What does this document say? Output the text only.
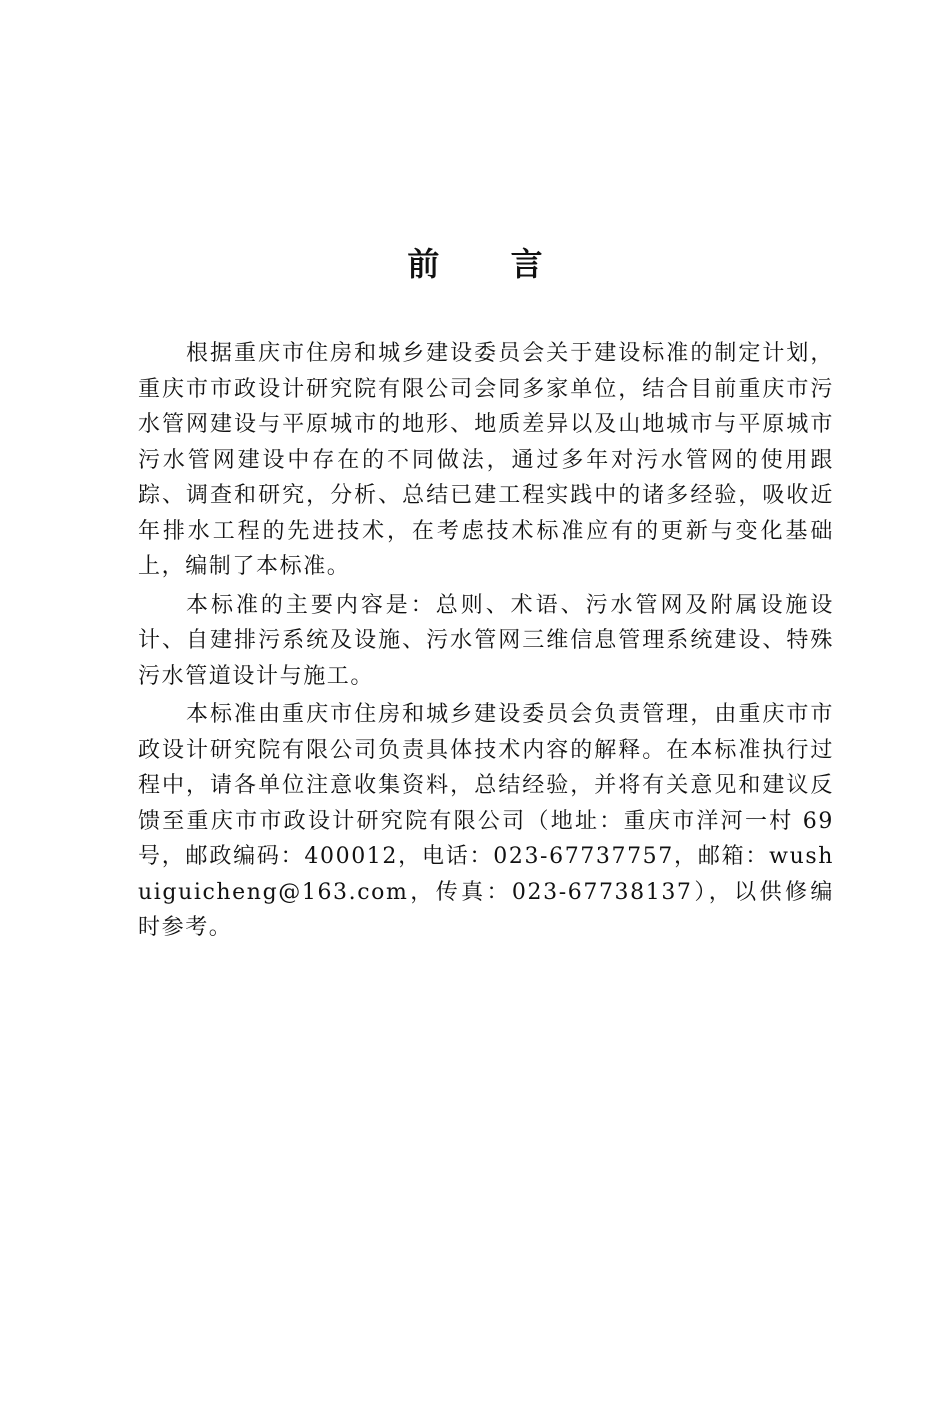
前 言

根据重庆市住房和城乡建设委员会关于建设标准的制定计划，重庆市市政设计研究院有限公司会同多家单位，结合目前重庆市污水管网建设与平原城市的地形、地质差异以及山地城市与平原城市污水管网建设中存在的不同做法，通过多年对污水管网的使用跟踪、调查和研究，分析、总结已建工程实践中的诸多经验，吸收近年排水工程的先进技术，在考虑技术标准应有的更新与变化基础上，编制了本标准。

本标准的主要内容是：总则、术语、污水管网及附属设施设计、自建排污系统及设施、污水管网三维信息管理系统建设、特殊污水管道设计与施工。

本标准由重庆市住房和城乡建设委员会负责管理，由重庆市市政设计研究院有限公司负责具体技术内容的解释。在本标准执行过程中，请各单位注意收集资料，总结经验，并将有关意见和建议反馈至重庆市市政设计研究院有限公司（地址：重庆市洋河一村 69 号，邮政编码：400012，电话：023-67737757，邮箱：wushuiguicheng@163.com，传真：023-67738137），以供修编时参考。
